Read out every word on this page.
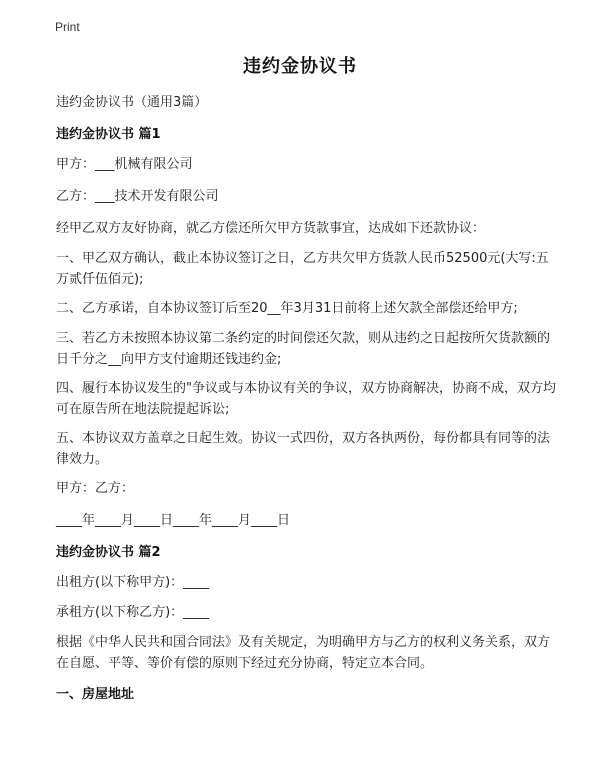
Print
违约金协议书
违约金协议书（通用3篇）
违约金协议书 篇1
甲方：___机械有限公司
乙方：___技术开发有限公司
经甲乙双方友好协商，就乙方偿还所欠甲方货款事宜，达成如下还款协议：
一、甲乙双方确认，截止本协议签订之日，乙方共欠甲方货款人民币52500元(大写:五万贰仟伍佰元);
二、乙方承诺，自本协议签订后至20__年3月31日前将上述欠款全部偿还给甲方;
三、若乙方未按照本协议第二条约定的时间偿还欠款，则从违约之日起按所欠货款额的日千分之__向甲方支付逾期还钱违约金;
四、履行本协议发生的"争议或与本协议有关的争议，双方协商解决，协商不成，双方均可在原告所在地法院提起诉讼;
五、本协议双方盖章之日起生效。协议一式四份，双方各执两份，每份都具有同等的法律效力。
甲方：乙方：
____年____月____日____年____月____日
违约金协议书 篇2
出租方(以下称甲方)：____
承租方(以下称乙方)：____
根据《中华人民共和国合同法》及有关规定，为明确甲方与乙方的权利义务关系，双方在自愿、平等、等价有偿的原则下经过充分协商，特定立本合同。
一、房屋地址
